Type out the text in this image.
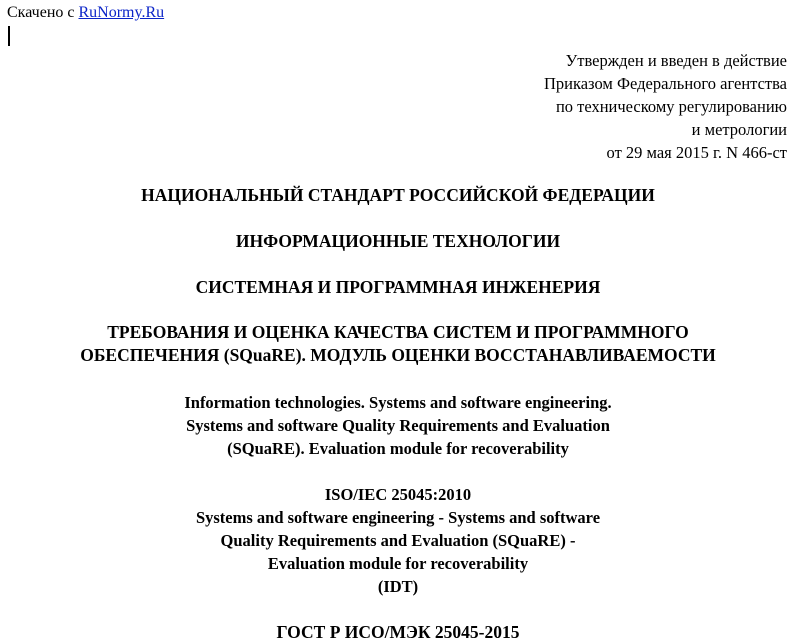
Скачено с RuNormy.Ru
Утвержден и введен в действие
Приказом Федерального агентства
по техническому регулированию
и метрологии
от 29 мая 2015 г. N 466-ст
НАЦИОНАЛЬНЫЙ СТАНДАРТ РОССИЙСКОЙ ФЕДЕРАЦИИ
ИНФОРМАЦИОННЫЕ ТЕХНОЛОГИИ
СИСТЕМНАЯ И ПРОГРАММНАЯ ИНЖЕНЕРИЯ
ТРЕБОВАНИЯ И ОЦЕНКА КАЧЕСТВА СИСТЕМ И ПРОГРАММНОГО
ОБЕСПЕЧЕНИЯ (SQuaRE). МОДУЛЬ ОЦЕНКИ ВОССТАНАВЛИВАЕМОСТИ
Information technologies. Systems and software engineering.
Systems and software Quality Requirements and Evaluation
(SQuaRE). Evaluation module for recoverability
ISO/IEC 25045:2010
Systems and software engineering - Systems and software
Quality Requirements and Evaluation (SQuaRE) -
Evaluation module for recoverability
(IDT)
ГОСТ Р ИСО/МЭК 25045-2015
